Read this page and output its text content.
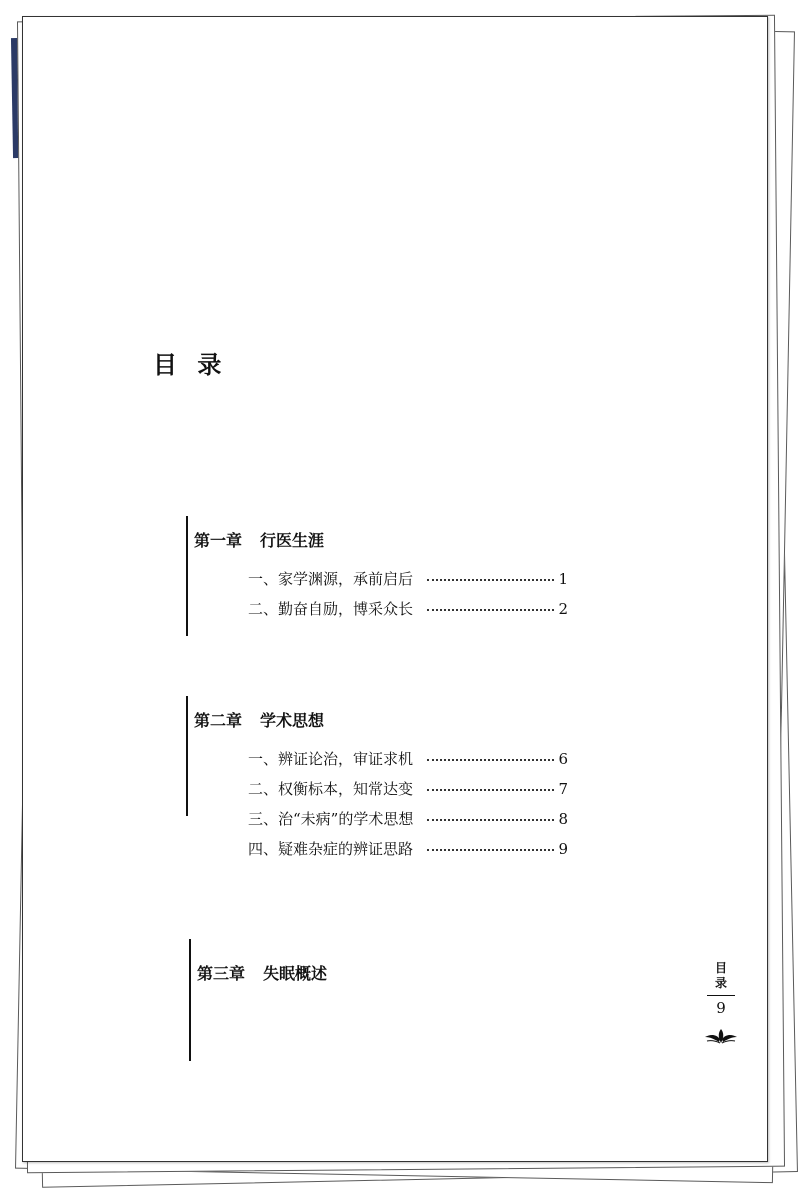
目 录
第一章 行医生涯
一、家学渊源，承前启后	1
二、勤奋自励，博采众长	2
第二章 学术思想
一、辨证论治，审证求机	6
二、权衡标本，知常达变	7
三、治“未病”的学术思想	8
四、疑难杂症的辨证思路	9
第三章 失眠概述	目
录
9
